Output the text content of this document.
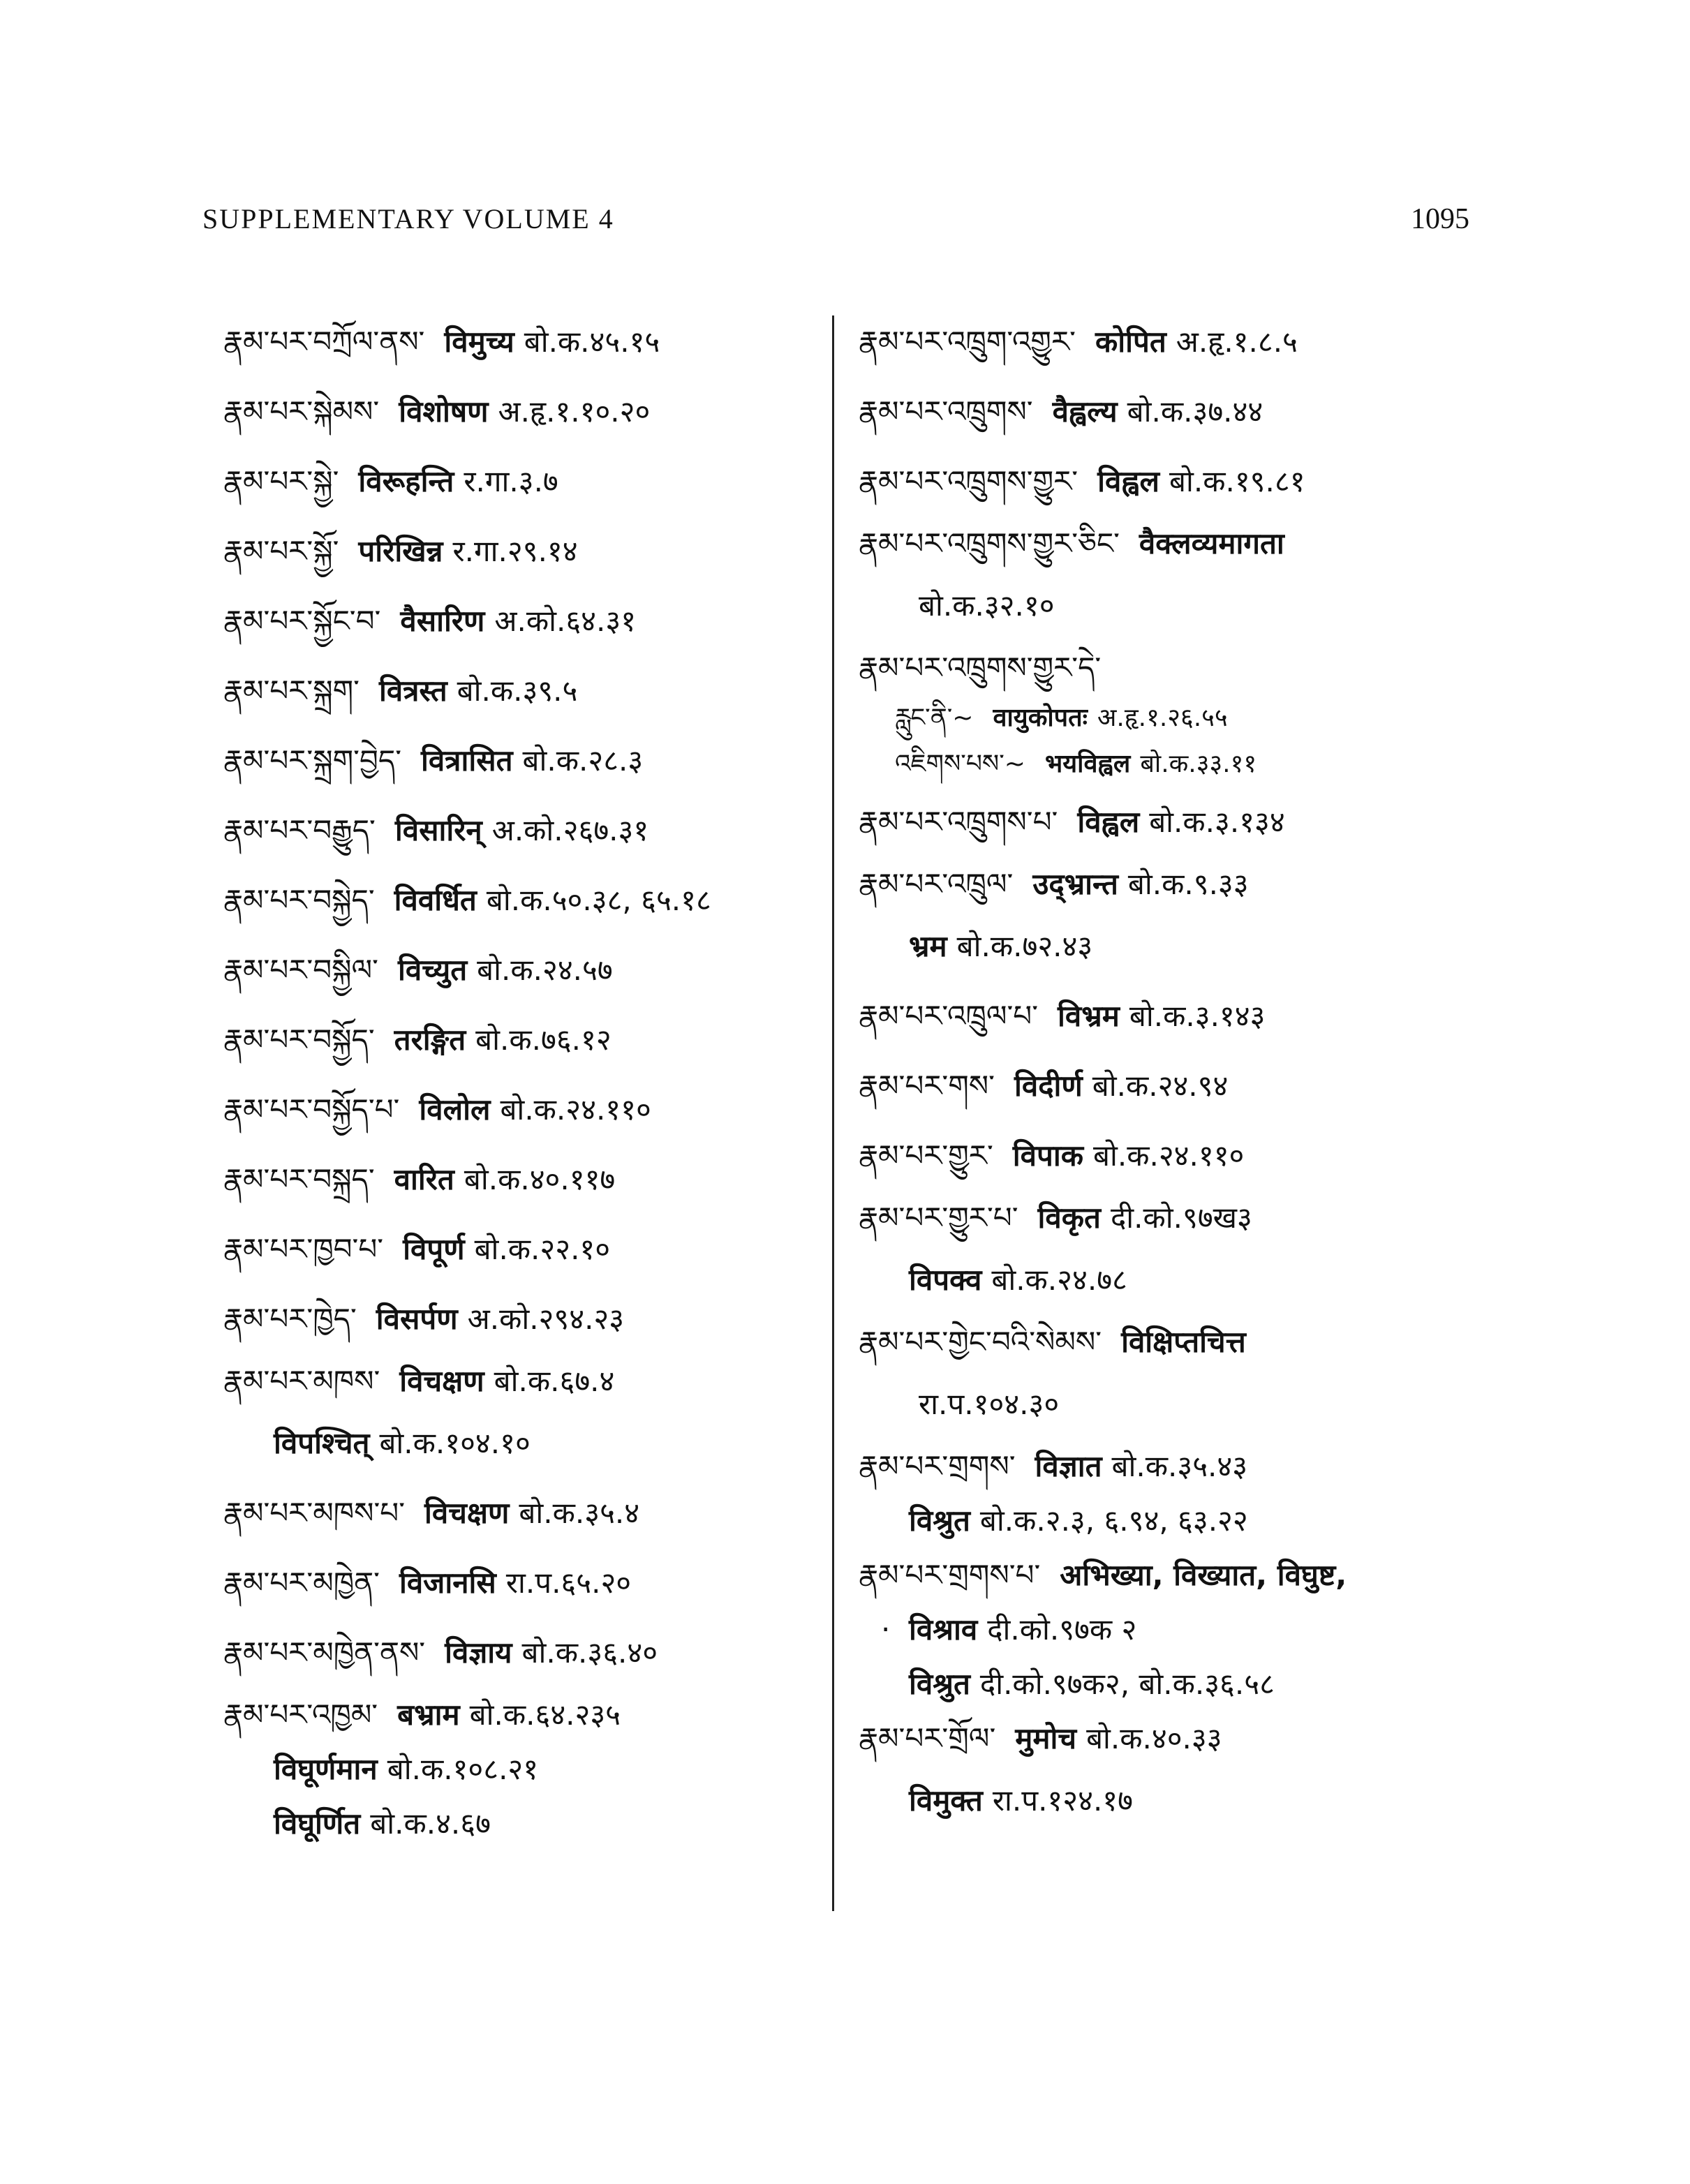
SUPPLEMENTARY VOLUME 4	1095
རྣམ་པར་བཀྲོལ་ནས་ विमुच्य बो.क.४५.१५
རྣམ་པར་སྐེམས་ विशोषण अ.हृ.१.१०.२०
རྣམ་པར་སྐྱེ་ विरूहन्ति र.गा.३.७
རྣམ་པར་སྐྱོ་ परिखिन्न र.गा.२९.१४
རྣམ་པར་སྐྱོང་བ་ वैसारिण अ.को.६४.३१
རྣམ་པར་སྐྲག་ वित्रस्त बो.क.३९.५
རྣམ་པར་སྐྲག་བྱེད་ वित्रासित बो.क.२८.३
རྣམ་པར་བརྒྱུད་ विसारिन् अ.को.२६७.३१
རྣམ་པར་བསྐྱེད་ विवर्धित बो.क.५०.३८, ६५.१८
རྣམ་པར་བསྐྱིལ་ विच्युत बो.क.२४.५७
རྣམ་པར་བསྐྱོད་ तरङ्गित बो.क.७६.१२
རྣམ་པར་བསྐྱོད་པ་ विलोल बो.क.२४.११०
རྣམ་པར་བསྐྲད་ वारित बो.क.४०.११७
རྣམ་པར་ཁྱབ་པ་ विपूर्ण बो.क.२२.१०
རྣམ་པར་ཁྱེད་ विसर्पण अ.को.२९४.२३
རྣམ་པར་མཁས་ विचक्षण बो.क.६७.४
विपश्चित् बो.क.१०४.१०
རྣམ་པར་མཁས་པ་ विचक्षण बो.क.३५.४
རྣམ་པར་མཁྱེན་ विजानसि रा.प.६५.२०
རྣམ་པར་མཁྱེན་ནས་ विज्ञाय बो.क.३६.४०
རྣམ་པར་འཁྱམ་ बभ्राम बो.क.६४.२३५
विघूर्णमान बो.क.१०८.२१
विघूर्णित बो.क.४.६७
རྣམ་པར་འཁྲུག་འགྱུར་ कोपित अ.हृ.१.८.५
རྣམ་པར་འཁྲུགས་ वैह्वल्य बो.क.३७.४४
རྣམ་པར་འཁྲུགས་གྱུར་ विह्वल बो.क.१९.८१
རྣམ་པར་འཁྲུགས་གྱུར་ཅིང་ वैक्लव्यमागता
बो.क.३२.१०
རྣམ་པར་འཁྲུགས་གྱུར་དེ་
རླུང་ནི་~ वायुकोपतः अ.हृ.१.२६.५५
འཇིགས་པས་~ भयविह्वल बो.क.३३.११
རྣམ་པར་འཁྲུགས་པ་ विह्वल बो.क.३.१३४
རྣམ་པར་འཁྲུལ་ उद्भ्रान्त बो.क.९.३३
भ्रम बो.क.७२.४३
རྣམ་པར་འཁྲུལ་པ་ विभ्रम बो.क.३.१४३
རྣམ་པར་གས་ विदीर्ण बो.क.२४.९४
རྣམ་པར་གྱུར་ विपाक बो.क.२४.११०
རྣམ་པར་གྱུར་པ་ विकृत दी.को.९७ख३
विपक्व बो.क.२४.७८
རྣམ་པར་གྱེང་བའི་སེམས་ विक्षिप्तचित्त
रा.प.१०४.३०
རྣམ་པར་གྲགས་ विज्ञात बो.क.३५.४३
विश्रुत बो.क.२.३, ६.९४, ६३.२२
རྣམ་པར་གྲགས་པ་ अभिख्या, विख्यात, विघुष्ट,
· विश्राव दी.को.९७क २
विश्रुत दी.को.९७क२, बो.क.३६.५८
རྣམ་པར་གྲོལ་ मुमोच बो.क.४०.३३
विमुक्त रा.प.१२४.१७
